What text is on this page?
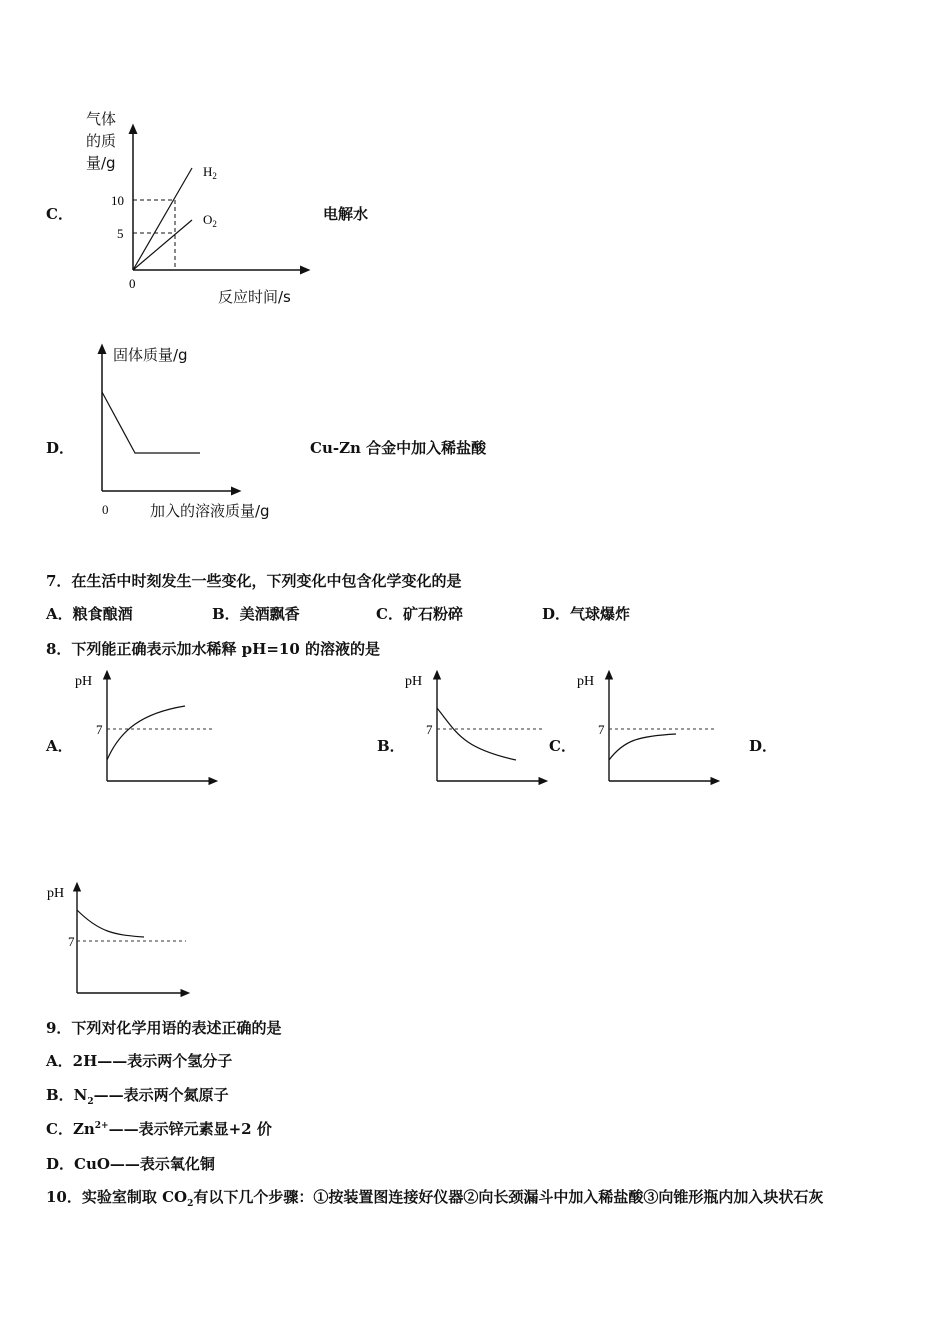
C．
气体
的质
量/g
10
5
0
$H_2$
$O_2$
反应时间/s
电解水
D．
固体质量/g
0	加入的溶液质量/g
Cu-Zn 合金中加入稀盐酸
7．在生活中时刻发生一些变化，下列变化中包含化学变化的是
A．粮食酿酒	B．美酒飘香	C．矿石粉碎	D．气球爆炸
8．下列能正确表示加水稀释 pH=10 的溶液的是
A．
pH
7
B．
pH
7
C．
pH
7
D．
pH
7
9．下列对化学用语的表述正确的是
A．2H——表示两个氢分子
B．$N_2——$表示两个氮原子
C．$Zn^{2+}——$表示锌元素显+2 价
D．CuO——表示氧化铜
10．实验室制取 $CO_2$有以下几个步骤：①按装置图连接好仪器②向长颈漏斗中加入稀盐酸③向锥形瓶内加入块状石灰
